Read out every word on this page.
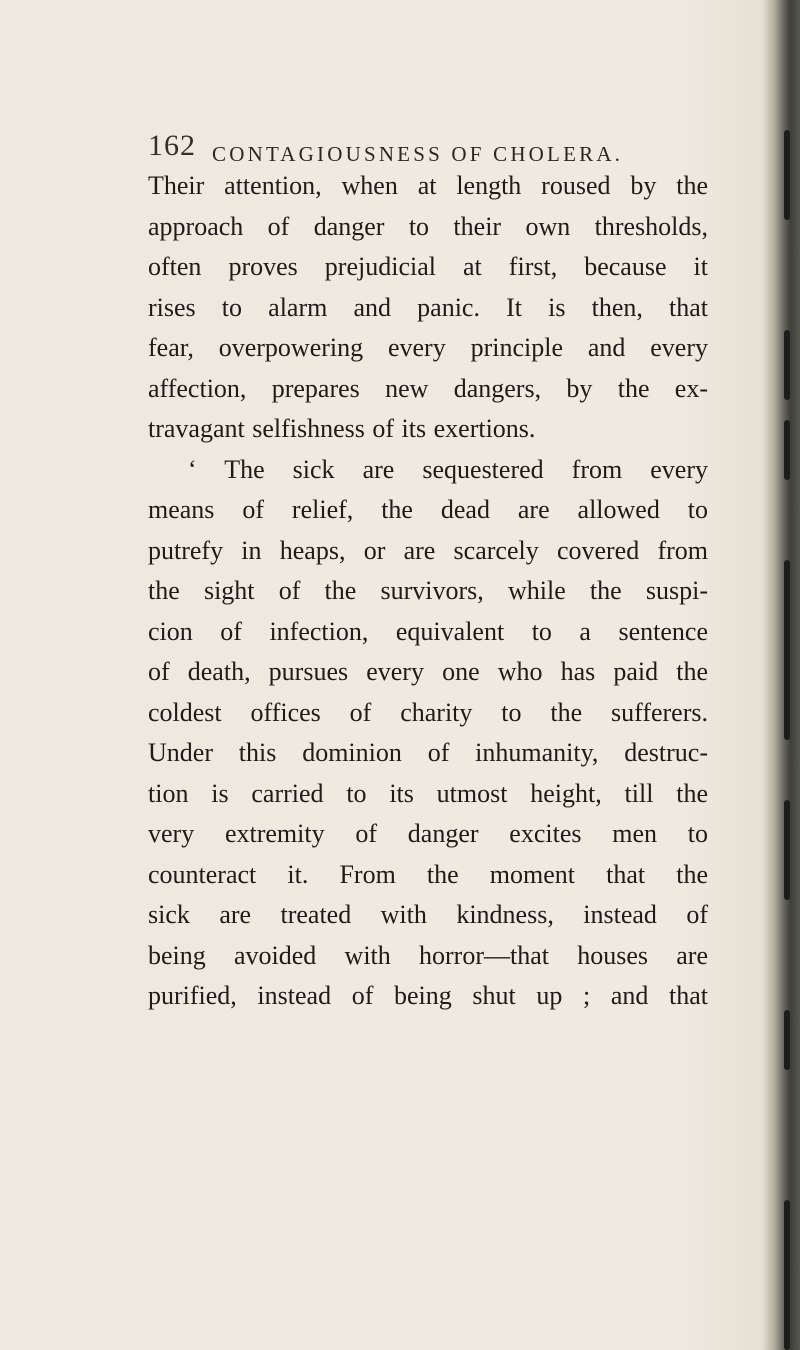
162 CONTAGIOUSNESS OF CHOLERA.
Their attention, when at length roused by the
approach of danger to their own thresholds,
often proves prejudicial at first, because it
rises to alarm and panic. It is then, that
fear, overpowering every principle and every
affection, prepares new dangers, by the ex-
travagant selfishness of its exertions.
‘ The sick are sequestered from every
means of relief, the dead are allowed to
putrefy in heaps, or are scarcely covered from
the sight of the survivors, while the suspi-
cion of infection, equivalent to a sentence
of death, pursues every one who has paid the
coldest offices of charity to the sufferers.
Under this dominion of inhumanity, destruc-
tion is carried to its utmost height, till the
very extremity of danger excites men to
counteract it. From the moment that the
sick are treated with kindness, instead of
being avoided with horror—that houses are
purified, instead of being shut up ; and that
